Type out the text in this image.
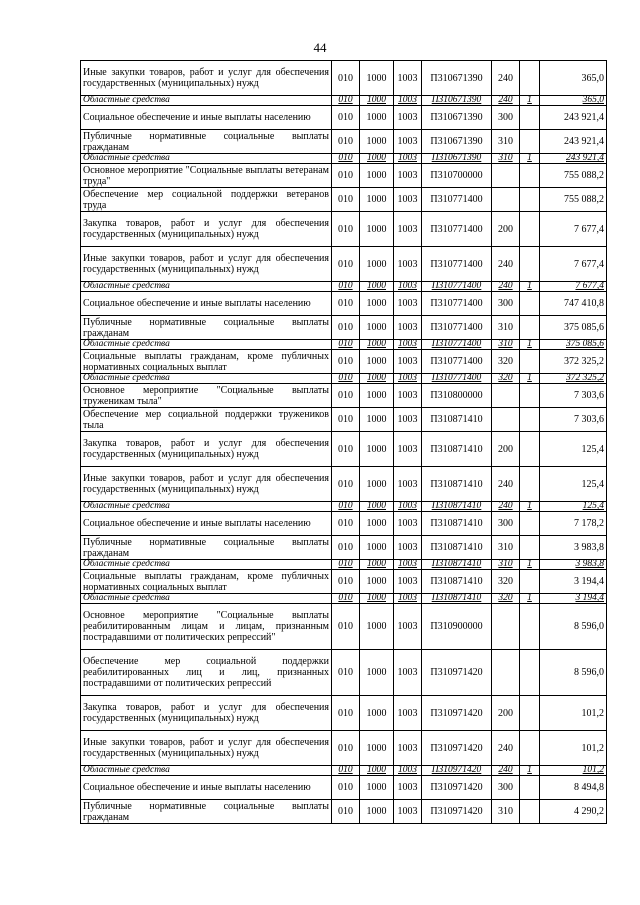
44
Иные закупки товаров, работ и услуг для обеспечения государственных (муниципальных) нужд	010	1000	1003	П310671390	240		365,0
Областные средства	010	1000	1003	П310671390	240	1	365,0
Социальное обеспечение и иные выплаты населению	010	1000	1003	П310671390	300		243 921,4
Публичные нормативные социальные выплаты гражданам	010	1000	1003	П310671390	310		243 921,4
Областные средства	010	1000	1003	П310671390	310	1	243 921,4
Основное мероприятие "Социальные выплаты ветеранам труда"	010	1000	1003	П310700000			755 088,2
Обеспечение мер социальной поддержки ветеранов труда	010	1000	1003	П310771400			755 088,2
Закупка товаров, работ и услуг для обеспечения государственных (муниципальных) нужд	010	1000	1003	П310771400	200		7 677,4
Иные закупки товаров, работ и услуг для обеспечения государственных (муниципальных) нужд	010	1000	1003	П310771400	240		7 677,4
Областные средства	010	1000	1003	П310771400	240	1	7 677,4
Социальное обеспечение и иные выплаты населению	010	1000	1003	П310771400	300		747 410,8
Публичные нормативные социальные выплаты гражданам	010	1000	1003	П310771400	310		375 085,6
Областные средства	010	1000	1003	П310771400	310	1	375 085,6
Социальные выплаты гражданам, кроме публичных нормативных социальных выплат	010	1000	1003	П310771400	320		372 325,2
Областные средства	010	1000	1003	П310771400	320	1	372 325,2
Основное мероприятие "Социальные выплаты труженикам тыла"	010	1000	1003	П310800000			7 303,6
Обеспечение мер социальной поддержки тружеников тыла	010	1000	1003	П310871410			7 303,6
Закупка товаров, работ и услуг для обеспечения государственных (муниципальных) нужд	010	1000	1003	П310871410	200		125,4
Иные закупки товаров, работ и услуг для обеспечения государственных (муниципальных) нужд	010	1000	1003	П310871410	240		125,4
Областные средства	010	1000	1003	П310871410	240	1	125,4
Социальное обеспечение и иные выплаты населению	010	1000	1003	П310871410	300		7 178,2
Публичные нормативные социальные выплаты гражданам	010	1000	1003	П310871410	310		3 983,8
Областные средства	010	1000	1003	П310871410	310	1	3 983,8
Социальные выплаты гражданам, кроме публичных нормативных социальных выплат	010	1000	1003	П310871410	320		3 194,4
Областные средства	010	1000	1003	П310871410	320	1	3 194,4
Основное мероприятие "Социальные выплаты реабилитированным лицам и лицам, признанным пострадавшими от политических репрессий"	010	1000	1003	П310900000			8 596,0
Обеспечение мер социальной поддержки реабилитированных лиц и лиц, признанных пострадавшими от политических репрессий	010	1000	1003	П310971420			8 596,0
Закупка товаров, работ и услуг для обеспечения государственных (муниципальных) нужд	010	1000	1003	П310971420	200		101,2
Иные закупки товаров, работ и услуг для обеспечения государственных (муниципальных) нужд	010	1000	1003	П310971420	240		101,2
Областные средства	010	1000	1003	П310971420	240	1	101,2
Социальное обеспечение и иные выплаты населению	010	1000	1003	П310971420	300		8 494,8
Публичные нормативные социальные выплаты гражданам	010	1000	1003	П310971420	310		4 290,2
